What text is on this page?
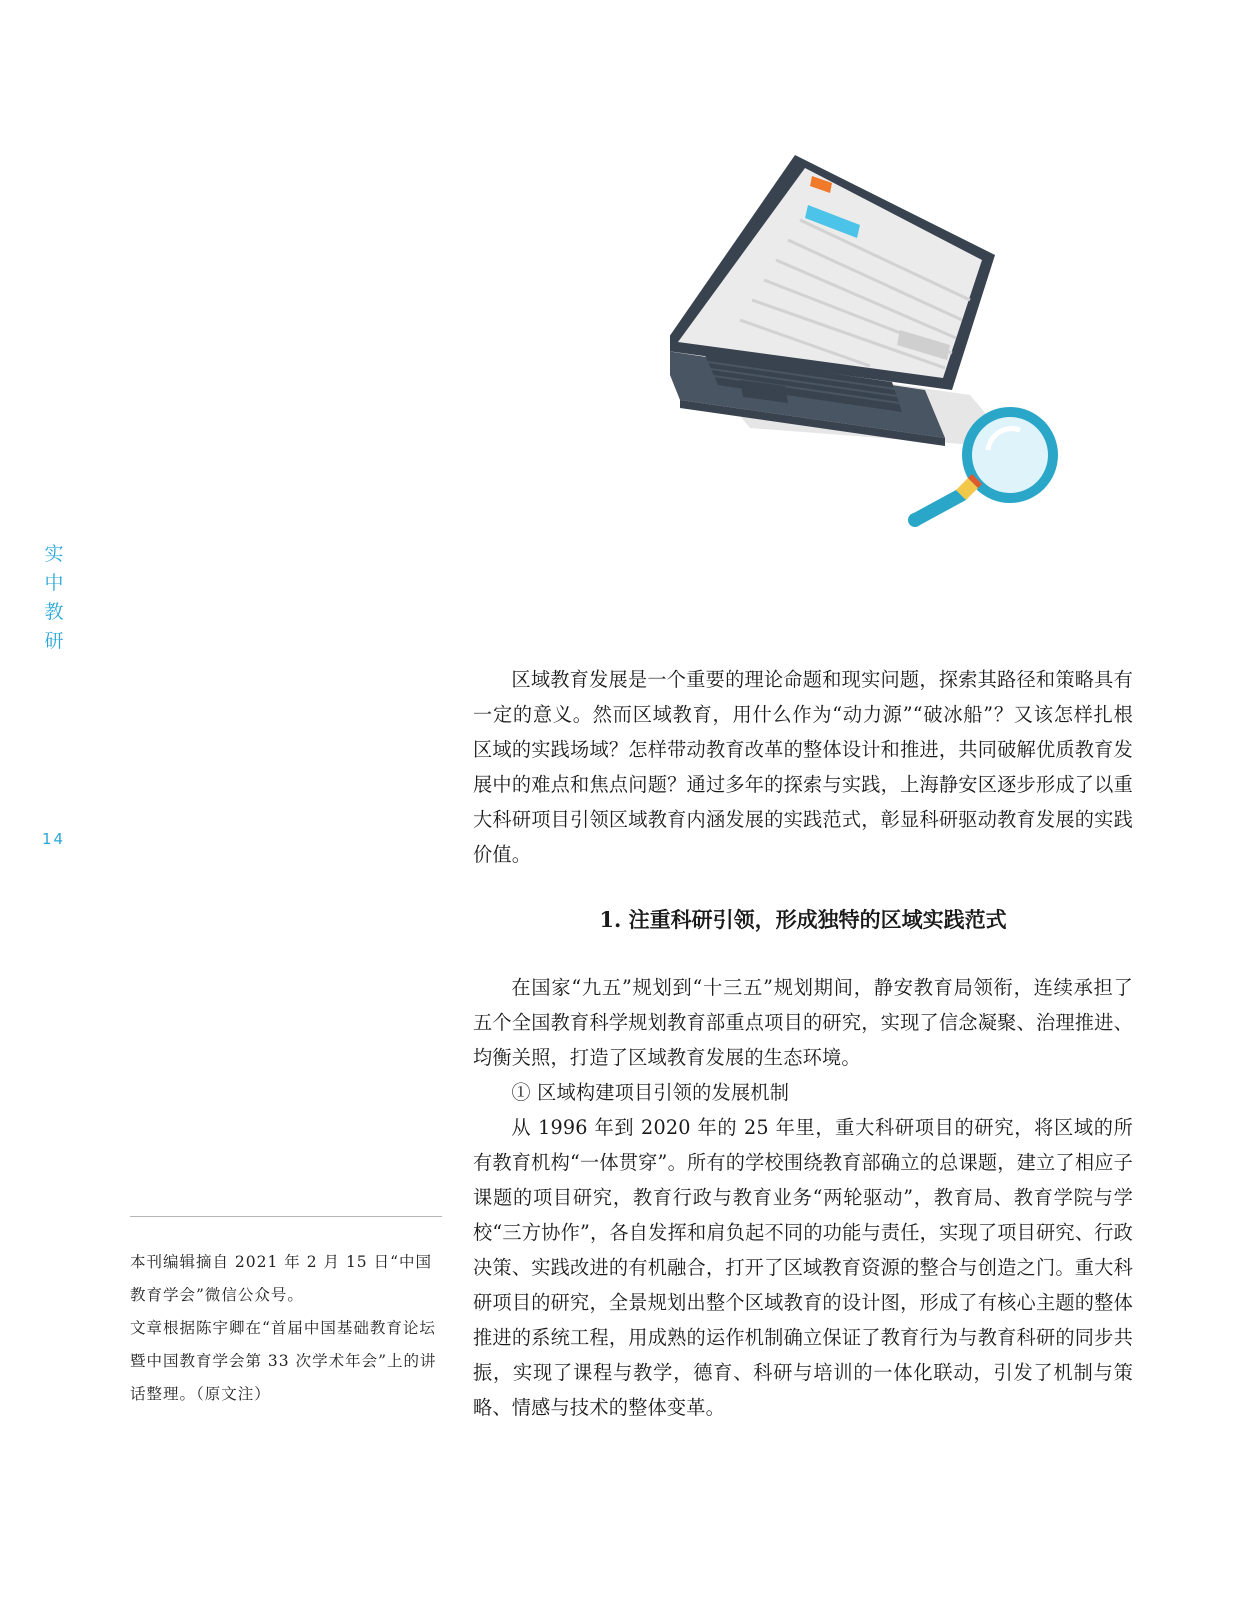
实
中
教
研
14

区域教育发展是一个重要的理论命题和现实问题，探索其路径和策略具有一定的意义。然而区域教育，用什么作为“动力源”“破冰船”？又该怎样扎根区域的实践场域？怎样带动教育改革的整体设计和推进，共同破解优质教育发展中的难点和焦点问题？通过多年的探索与实践，上海静安区逐步形成了以重大科研项目引领区域教育内涵发展的实践范式，彰显科研驱动教育发展的实践价值。

1. 注重科研引领，形成独特的区域实践范式

在国家“九五”规划到“十三五”规划期间，静安教育局领衔，连续承担了五个全国教育科学规划教育部重点项目的研究，实现了信念凝聚、治理推进、均衡关照，打造了区域教育发展的生态环境。

① 区域构建项目引领的发展机制

从 1996 年到 2020 年的 25 年里，重大科研项目的研究，将区域的所有教育机构“一体贯穿”。所有的学校围绕教育部确立的总课题，建立了相应子课题的项目研究，教育行政与教育业务“两轮驱动”，教育局、教育学院与学校“三方协作”，各自发挥和肩负起不同的功能与责任，实现了项目研究、行政决策、实践改进的有机融合，打开了区域教育资源的整合与创造之门。重大科研项目的研究，全景规划出整个区域教育的设计图，形成了有核心主题的整体推进的系统工程，用成熟的运作机制确立保证了教育行为与教育科研的同步共振，实现了课程与教学，德育、科研与培训的一体化联动，引发了机制与策略、情感与技术的整体变革。

本刊编辑摘自 2021 年 2 月 15 日“中国教育学会”微信公众号。

文章根据陈宇卿在“首届中国基础教育论坛暨中国教育学会第 33 次学术年会”上的讲话整理。（原文注）
